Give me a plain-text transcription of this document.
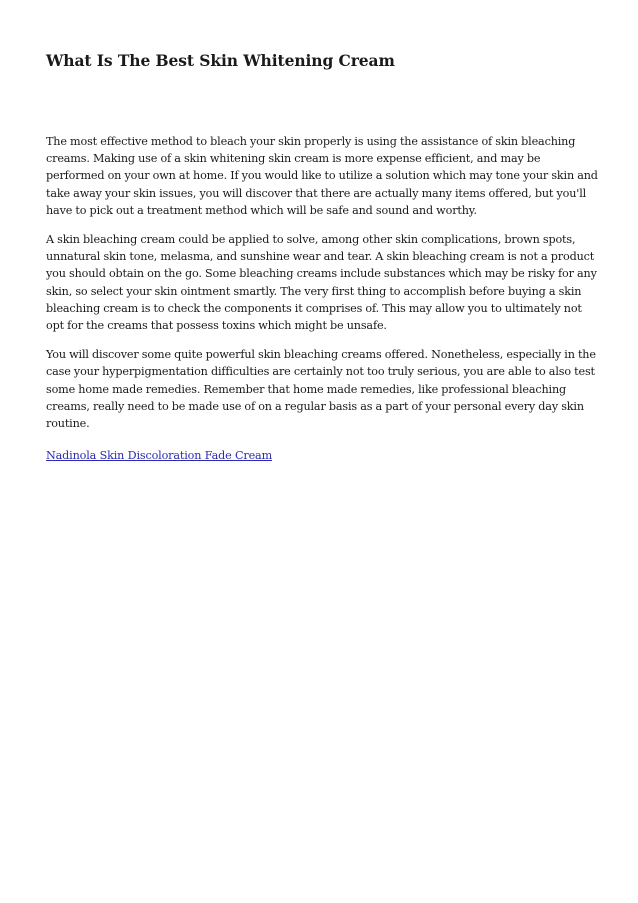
What Is The Best Skin Whitening Cream

The most effective method to bleach your skin properly is using the assistance of skin bleaching creams. Making use of a skin whitening skin cream is more expense efficient, and may be performed on your own at home. If you would like to utilize a solution which may tone your skin and take away your skin issues, you will discover that there are actually many items offered, but you'll have to pick out a treatment method which will be safe and sound and worthy.

A skin bleaching cream could be applied to solve, among other skin complications, brown spots, unnatural skin tone, melasma, and sunshine wear and tear. A skin bleaching cream is not a product you should obtain on the go. Some bleaching creams include substances which may be risky for any skin, so select your skin ointment smartly. The very first thing to accomplish before buying a skin bleaching cream is to check the components it comprises of. This may allow you to ultimately not opt for the creams that possess toxins which might be unsafe.

You will discover some quite powerful skin bleaching creams offered. Nonetheless, especially in the case your hyperpigmentation difficulties are certainly not too truly serious, you are able to also test some home made remedies. Remember that home made remedies, like professional bleaching creams, really need to be made use of on a regular basis as a part of your personal every day skin routine.

Nadinola Skin Discoloration Fade Cream
